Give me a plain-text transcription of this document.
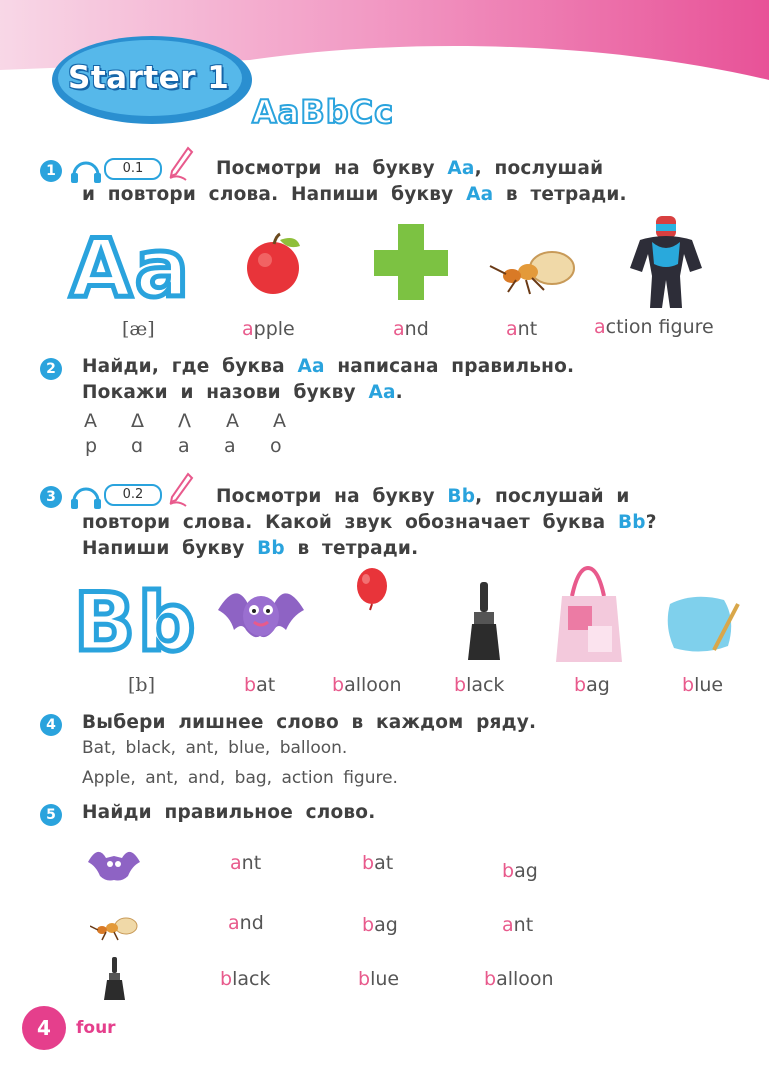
Starter 1
AaBbCc
1	0.1	Посмотри на букву Aa, послушай
и повтори слова. Напиши букву Aa в тетради.
Aa
[æ]	apple	and	ant	action figure
2	Найди, где буква Aa написана правильно.
Покажи и назови букву Aa.
A Δ Λ A A
p ɑ a a o
3	0.2	Посмотри на букву Bb, послушай и
повтори слова. Какой звук обозначает буква Bb?
Напиши букву Bb в тетради.
Bb
[b]	bat	balloon	black	bag	blue
4	Выбери лишнее слово в каждом ряду.
Bat, black, ant, blue, balloon.
Apple, ant, and, bag, action figure.
5	Найди правильное слово.
ant	bat	bag
and	bag	ant
black	blue	balloon
4	four
